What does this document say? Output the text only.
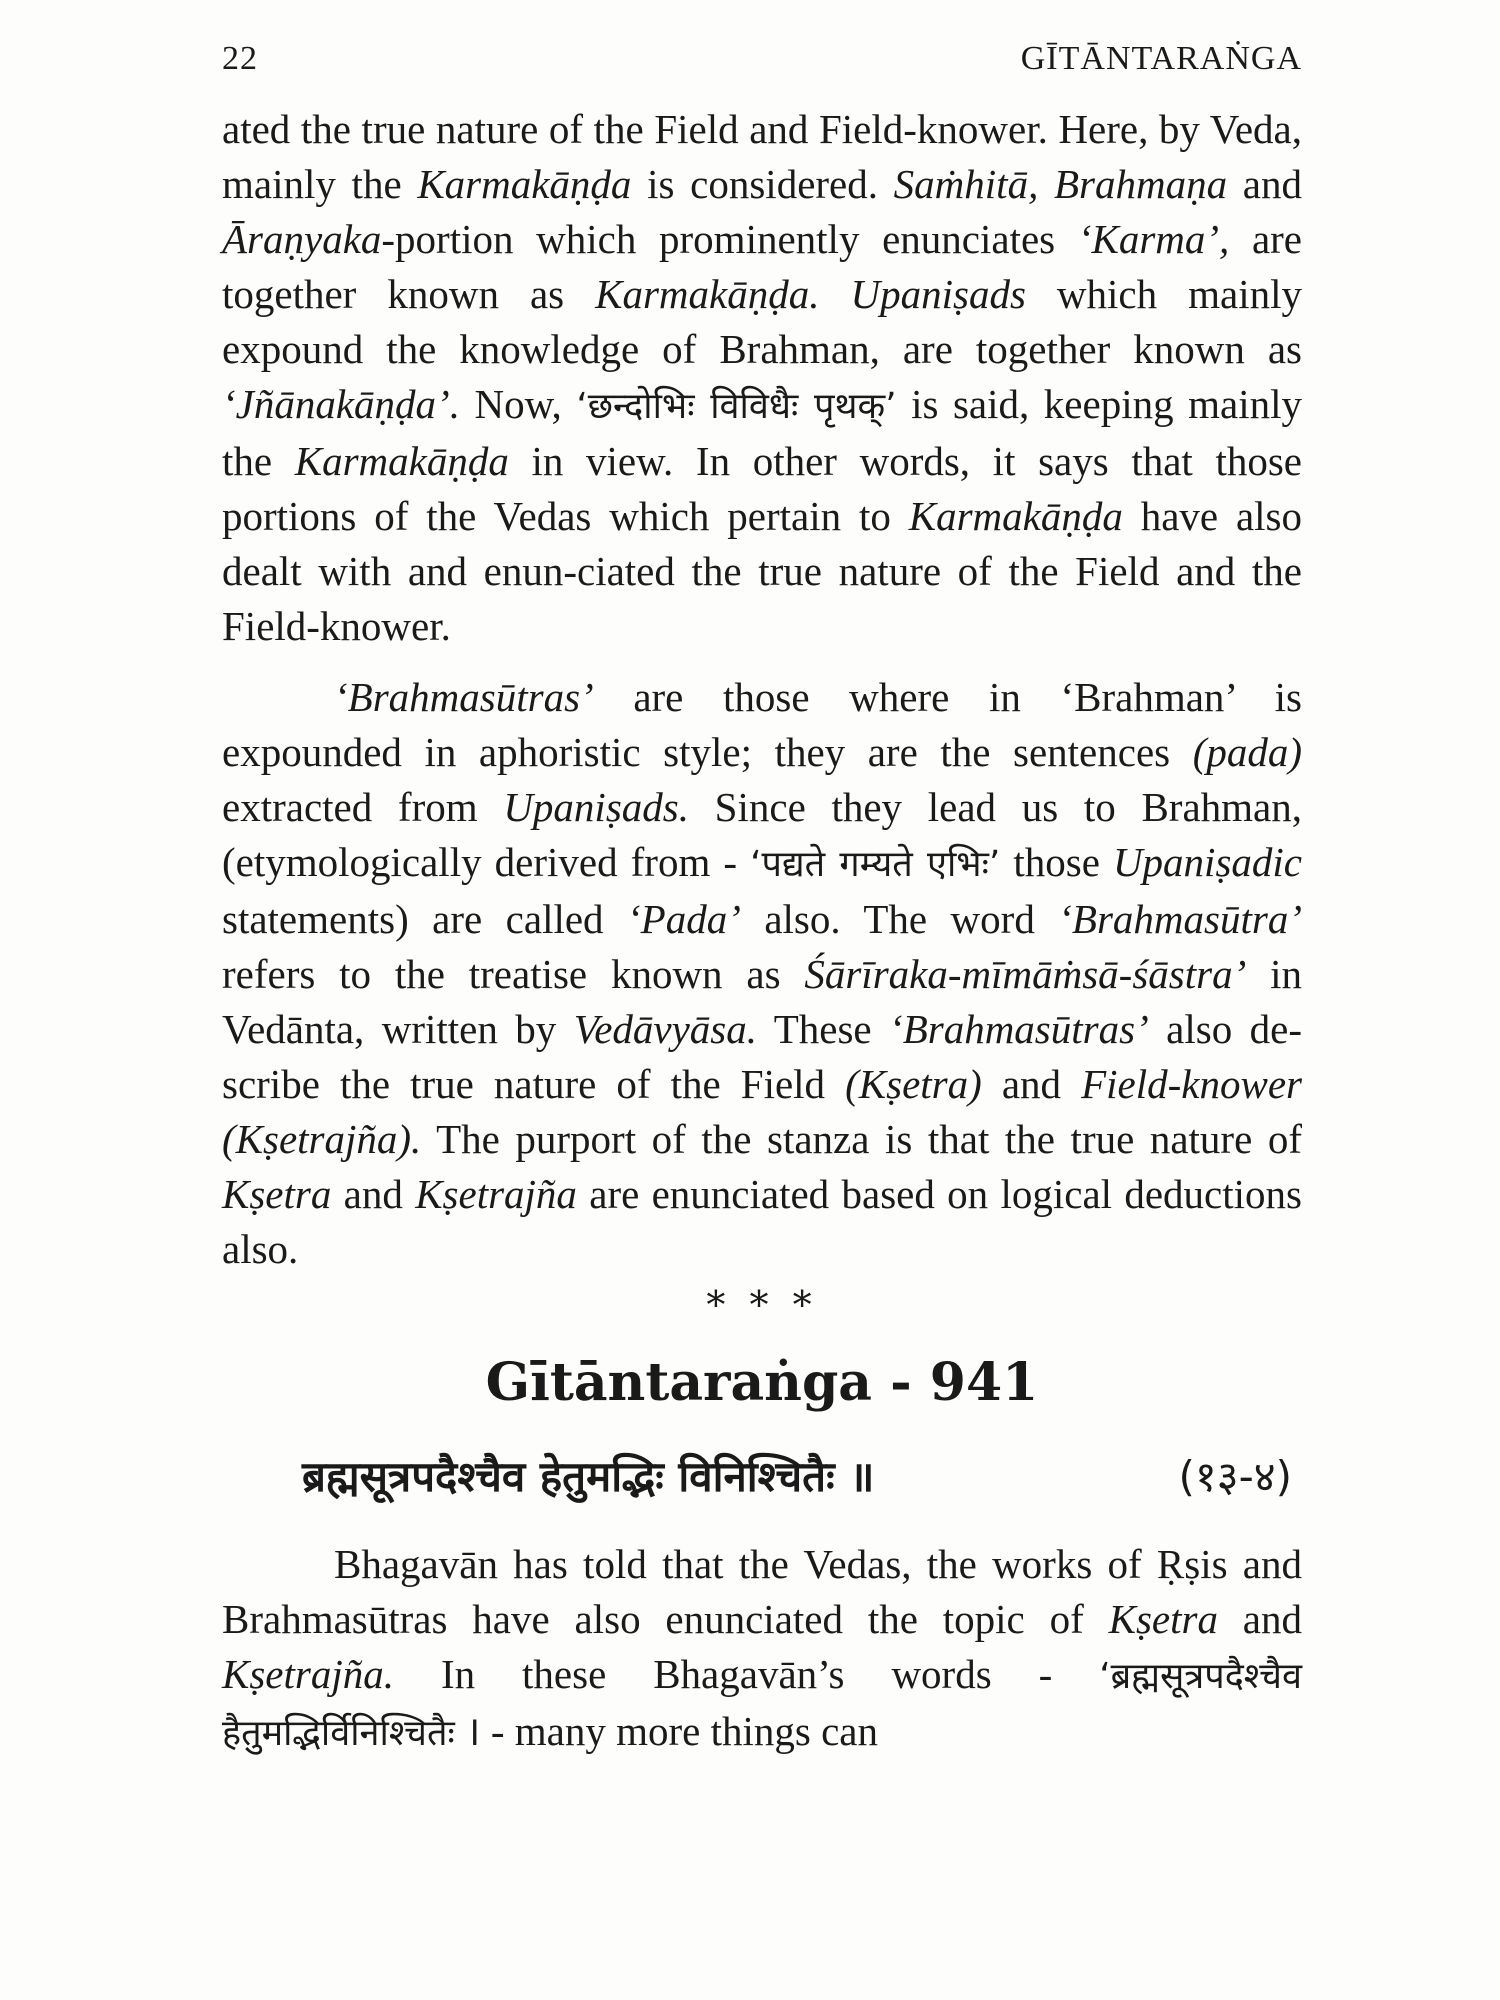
22	GĪTĀNTARAṄGA

ated the true nature of the Field and Field-knower. Here, by Veda, mainly the Karmakāṇḍa is considered. Saṁhitā, Brahmaṇa and Āraṇyaka-portion which prominently enunciates ‘Karma’, are together known as Karmakāṇḍa. Upaniṣads which mainly expound the knowledge of Brahman, are together known as ‘Jñānakāṇḍa’. Now, ‘छन्दोभिः विविधैः पृथक्’ is said, keeping mainly the Karmakāṇḍa in view. In other words, it says that those portions of the Vedas which pertain to Karmakāṇḍa have also dealt with and enun-ciated the true nature of the Field and the Field-knower.

‘Brahmasūtras’ are those where in ‘Brahman’ is expounded in aphoristic style; they are the sentences (pada) extracted from Upaniṣads. Since they lead us to Brahman, (etymologically derived from - ‘पद्यते गम्यते एभिः’ those Upaniṣadic statements) are called ‘Pada’ also. The word ‘Brahmasūtra’ refers to the treatise known as Śārīraka-mīmāṁsā-śāstra’ in Vedānta, written by Vedāvyāsa. These ‘Brahmasūtras’ also de-scribe the true nature of the Field (Kṣetra) and Field-knower (Kṣetrajña). The purport of the stanza is that the true nature of Kṣetra and Kṣetrajña are enunciated based on logical deductions also.

* * *
Gītāntaraṅga - 941
ब्रह्मसूत्रपदैश्चैव हेतुमद्भिः विनिश्चितैः ॥	(१३-४)

Bhagavān has told that the Vedas, the works of Ṛṣis and Brahmasūtras have also enunciated the topic of Kṣetra and Kṣetrajña. In these Bhagavān’s words - ‘ब्रह्मसूत्रपदैश्चैव हैतुमद्भिर्विनिश्चितैः । - many more things can
